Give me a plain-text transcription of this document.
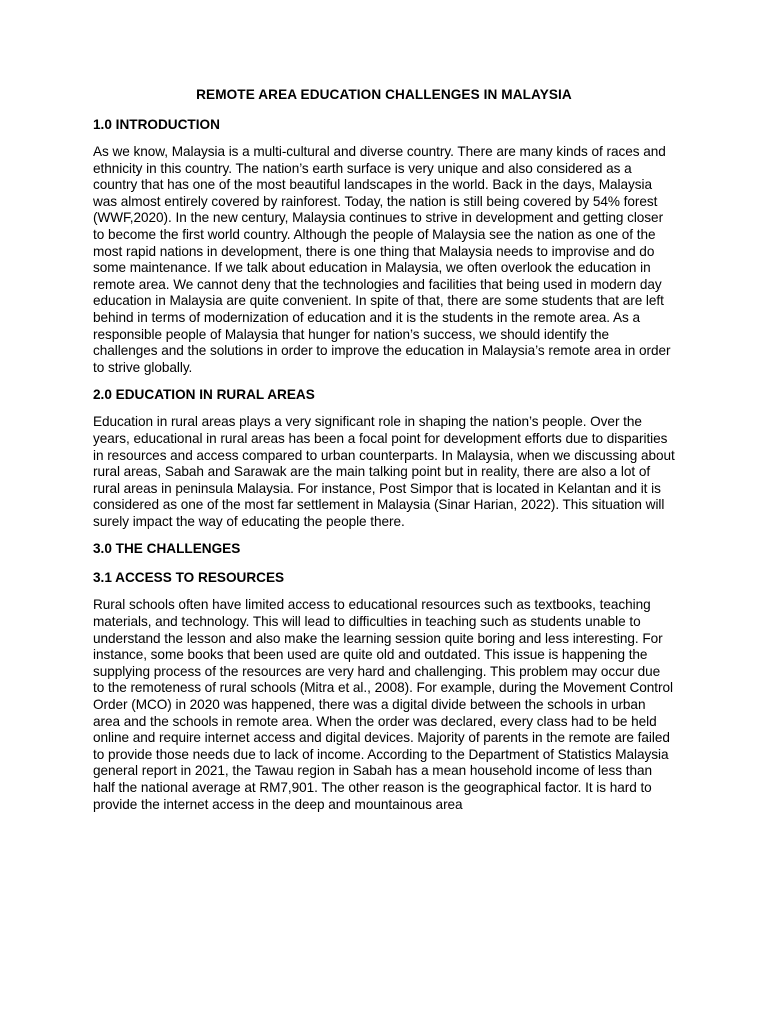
REMOTE AREA EDUCATION CHALLENGES IN MALAYSIA
1.0 INTRODUCTION

As we know, Malaysia is a multi-cultural and diverse country. There are many kinds of races and ethnicity in this country. The nation’s earth surface is very unique and also considered as a country that has one of the most beautiful landscapes in the world. Back in the days, Malaysia was almost entirely covered by rainforest. Today, the nation is still being covered by 54% forest (WWF,2020). In the new century, Malaysia continues to strive in development and getting closer to become the first world country. Although the people of Malaysia see the nation as one of the most rapid nations in development, there is one thing that Malaysia needs to improvise and do some maintenance. If we talk about education in Malaysia, we often overlook the education in remote area. We cannot deny that the technologies and facilities that being used in modern day education in Malaysia are quite convenient. In spite of that, there are some students that are left behind in terms of modernization of education and it is the students in the remote area. As a responsible people of Malaysia that hunger for nation’s success, we should identify the challenges and the solutions in order to improve the education in Malaysia’s remote area in order to strive globally.

2.0 EDUCATION IN RURAL AREAS

Education in rural areas plays a very significant role in shaping the nation’s people. Over the years, educational in rural areas has been a focal point for development efforts due to disparities in resources and access compared to urban counterparts. In Malaysia, when we discussing about rural areas, Sabah and Sarawak are the main talking point but in reality, there are also a lot of rural areas in peninsula Malaysia. For instance, Post Simpor that is located in Kelantan and it is considered as one of the most far settlement in Malaysia (Sinar Harian, 2022). This situation will surely impact the way of educating the people there.

3.0 THE CHALLENGES
3.1 ACCESS TO RESOURCES

Rural schools often have limited access to educational resources such as textbooks, teaching materials, and technology. This will lead to difficulties in teaching such as students unable to understand the lesson and also make the learning session quite boring and less interesting. For instance, some books that been used are quite old and outdated. This issue is happening the supplying process of the resources are very hard and challenging. This problem may occur due to the remoteness of rural schools (Mitra et al., 2008). For example, during the Movement Control Order (MCO) in 2020 was happened, there was a digital divide between the schools in urban area and the schools in remote area. When the order was declared, every class had to be held online and require internet access and digital devices. Majority of parents in the remote are failed to provide those needs due to lack of income. According to the Department of Statistics Malaysia general report in 2021, the Tawau region in Sabah has a mean household income of less than half the national average at RM7,901. The other reason is the geographical factor. It is hard to provide the internet access in the deep and mountainous area
